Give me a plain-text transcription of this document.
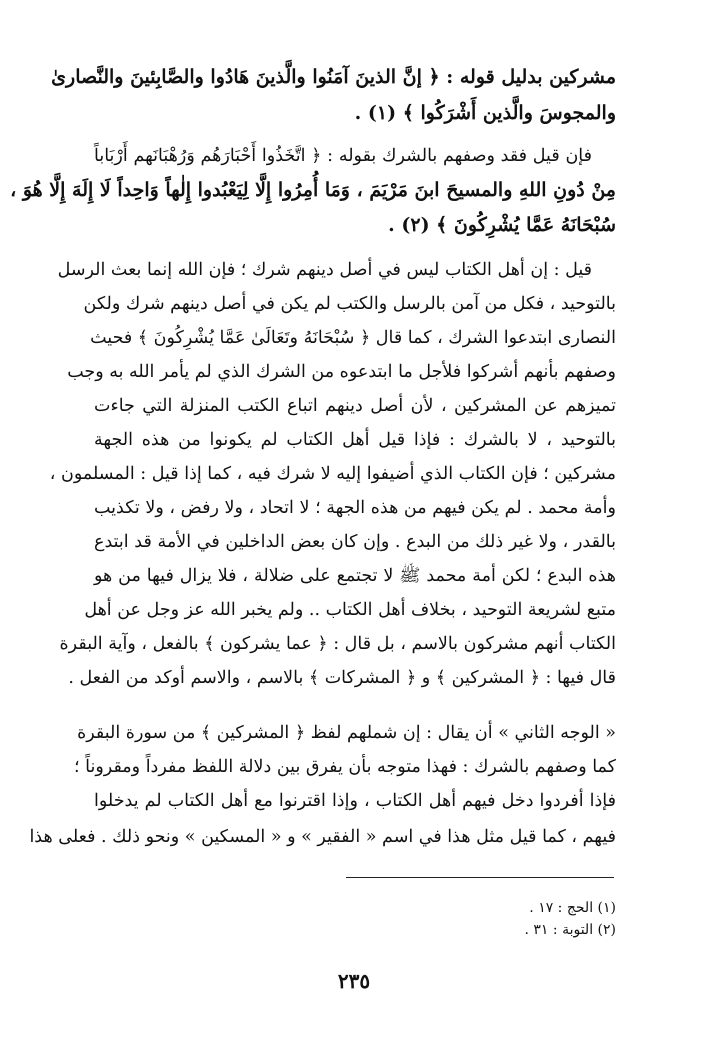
مشركين بدليل قوله : ﴿ إنَّ الذينَ آمَنُوا والَّذينَ هَادُوا والصَّابِئينَ والنَّصارىٰ
والمجوسَ والَّذين أَشْرَكُوا ﴾ (١) .
فإن قيل فقد وصفهم بالشرك بقوله : ﴿ اتَّخَذُوا أَحْبَارَهُم وَرُهْبَانَهم أَرْبَاباً
مِنْ دُونِ اللهِ والمسيحَ ابنَ مَرْيَمَ ، وَمَا أُمِرُوا إِلَّا لِيَعْبُدوا إِلٰهاً وَاحِداً لَا إِلَهَ إِلَّا هُوَ ،
سُبْحَانَهُ عَمَّا يُشْرِكُونَ ﴾ (٢) .
قيل : إن أهل الكتاب ليس في أصل دينهم شرك ؛ فإن الله إنما بعث الرسل
بالتوحيد ، فكل من آمن بالرسل والكتب لم يكن في أصل دينهم شرك ولكن
النصارى ابتدعوا الشرك ، كما قال ﴿ سُبْحَانَهُ وتَعَالَىٰ عَمَّا يُشْرِكُونَ ﴾ فحيث
وصفهم بأنهم أشركوا فلأجل ما ابتدعوه من الشرك الذي لم يأمر الله به وجب
تميزهم عن المشركين ، لأن أصل دينهم اتباع الكتب المنزلة التي جاءت
بالتوحيد ، لا بالشرك : فإذا قيل أهل الكتاب لم يكونوا من هذه الجهة
مشركين ؛ فإن الكتاب الذي أضيفوا إليه لا شرك فيه ، كما إذا قيل : المسلمون ،
وأمة محمد . لم يكن فيهم من هذه الجهة ؛ لا اتحاد ، ولا رفض ، ولا تكذيب
بالقدر ، ولا غير ذلك من البدع . وإن كان بعض الداخلين في الأمة قد ابتدع
هذه البدع ؛ لكن أمة محمد ﷺ لا تجتمع على ضلالة ، فلا يزال فيها من هو
متبع لشريعة التوحيد ، بخلاف أهل الكتاب .. ولم يخبر الله عز وجل عن أهل
الكتاب أنهم مشركون بالاسم ، بل قال : ﴿ عما يشركون ﴾ بالفعل ، وآية البقرة
قال فيها : ﴿ المشركين ﴾ و ﴿ المشركات ﴾ بالاسم ، والاسم أوكد من الفعل .
« الوجه الثاني » أن يقال : إن شملهم لفظ ﴿ المشركين ﴾ من سورة البقرة
كما وصفهم بالشرك : فهذا متوجه بأن يفرق بين دلالة اللفظ مفرداً ومقروناً ؛
فإذا أفردوا دخل فيهم أهل الكتاب ، وإذا اقترنوا مع أهل الكتاب لم يدخلوا
فيهم ، كما قيل مثل هذا في اسم « الفقير » و « المسكين » ونحو ذلك . فعلى هذا
(١) الحج : ١٧ .
(٢) التوبة : ٣١ .
٢٣٥
